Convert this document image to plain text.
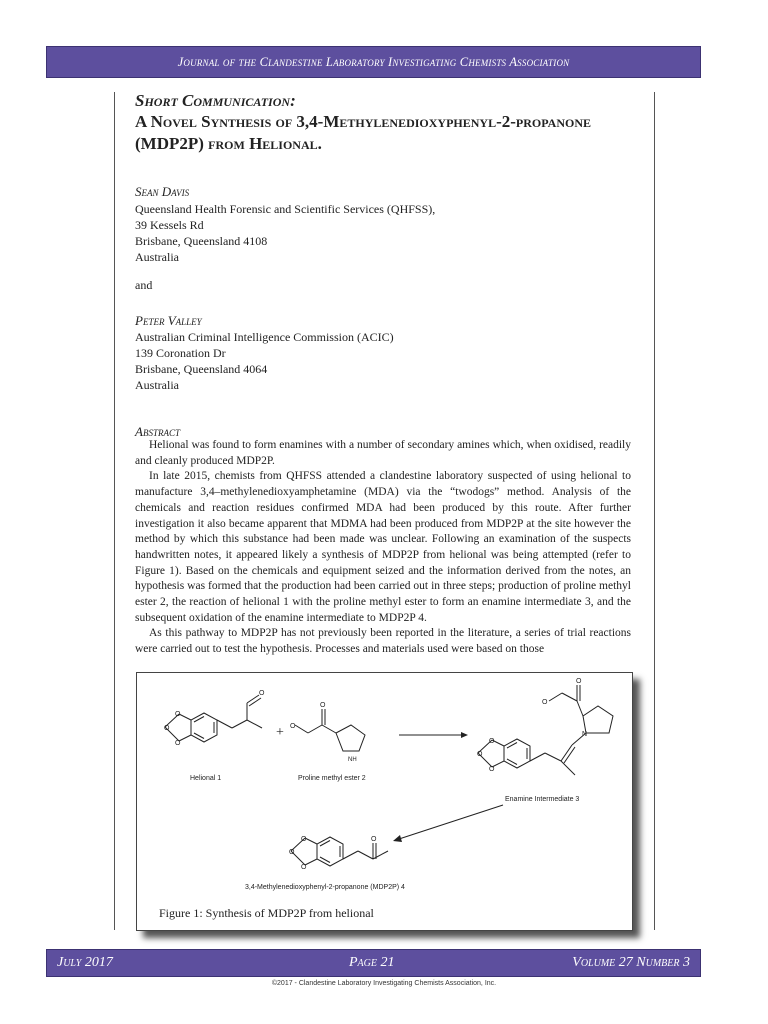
Journal of the Clandestine Laboratory Investigating Chemists Association

Short Communication:

A Novel Synthesis of 3,4-Methylenedioxyphenyl-2-propanone

(MDP2P) from Helional.

Sean Davis
Queensland Health Forensic and Scientific Services (QHFSS),
39 Kessels Rd
Brisbane, Queensland 4108
Australia
and
Peter Valley
Australian Criminal Intelligence Commission (ACIC)
139 Coronation Dr
Brisbane, Queensland 4064
Australia
Abstract

Helional was found to form enamines with a number of secondary amines which, when oxidised, readily and cleanly produced MDP2P.

In late 2015, chemists from QHFSS attended a clandestine laboratory suspected of using helional to manufacture 3,4–methylenedioxyamphetamine (MDA) via the “twodogs” method. Analysis of the chemicals and reaction residues confirmed MDA had been produced by this route. After further investigation it also became apparent that MDMA had been produced from MDP2P at the site however the method by which this substance had been made was unclear. Following an examination of the suspects handwritten notes, it appeared likely a synthesis of MDP2P from helional was being attempted (refer to Figure 1). Based on the chemicals and equipment seized and the information derived from the notes, an hypothesis was formed that the production had been carried out in three steps; production of proline methyl ester 2, the reaction of helional 1 with the proline methyl ester to form an enamine intermediate 3, and the subsequent oxidation of the enamine intermediate to MDP2P 4.

As this pathway to MDP2P has not previously been reported in the literature, a series of trial reactions were carried out to test the hypothesis. Processes and materials used were based on those

O
O
O
O
O
O
O
O
O
N
O
O
O
O
O
O
NH
+
Helional 1	Proline methyl ester 2
Enamine Intermediate 3
3,4-Methylenedioxyphenyl-2-propanone (MDP2P) 4
Figure 1: Synthesis of MDP2P from helional
July 2017	Page 21	Volume 27 Number 3
©2017 - Clandestine Laboratory Investigating Chemists Association, Inc.
